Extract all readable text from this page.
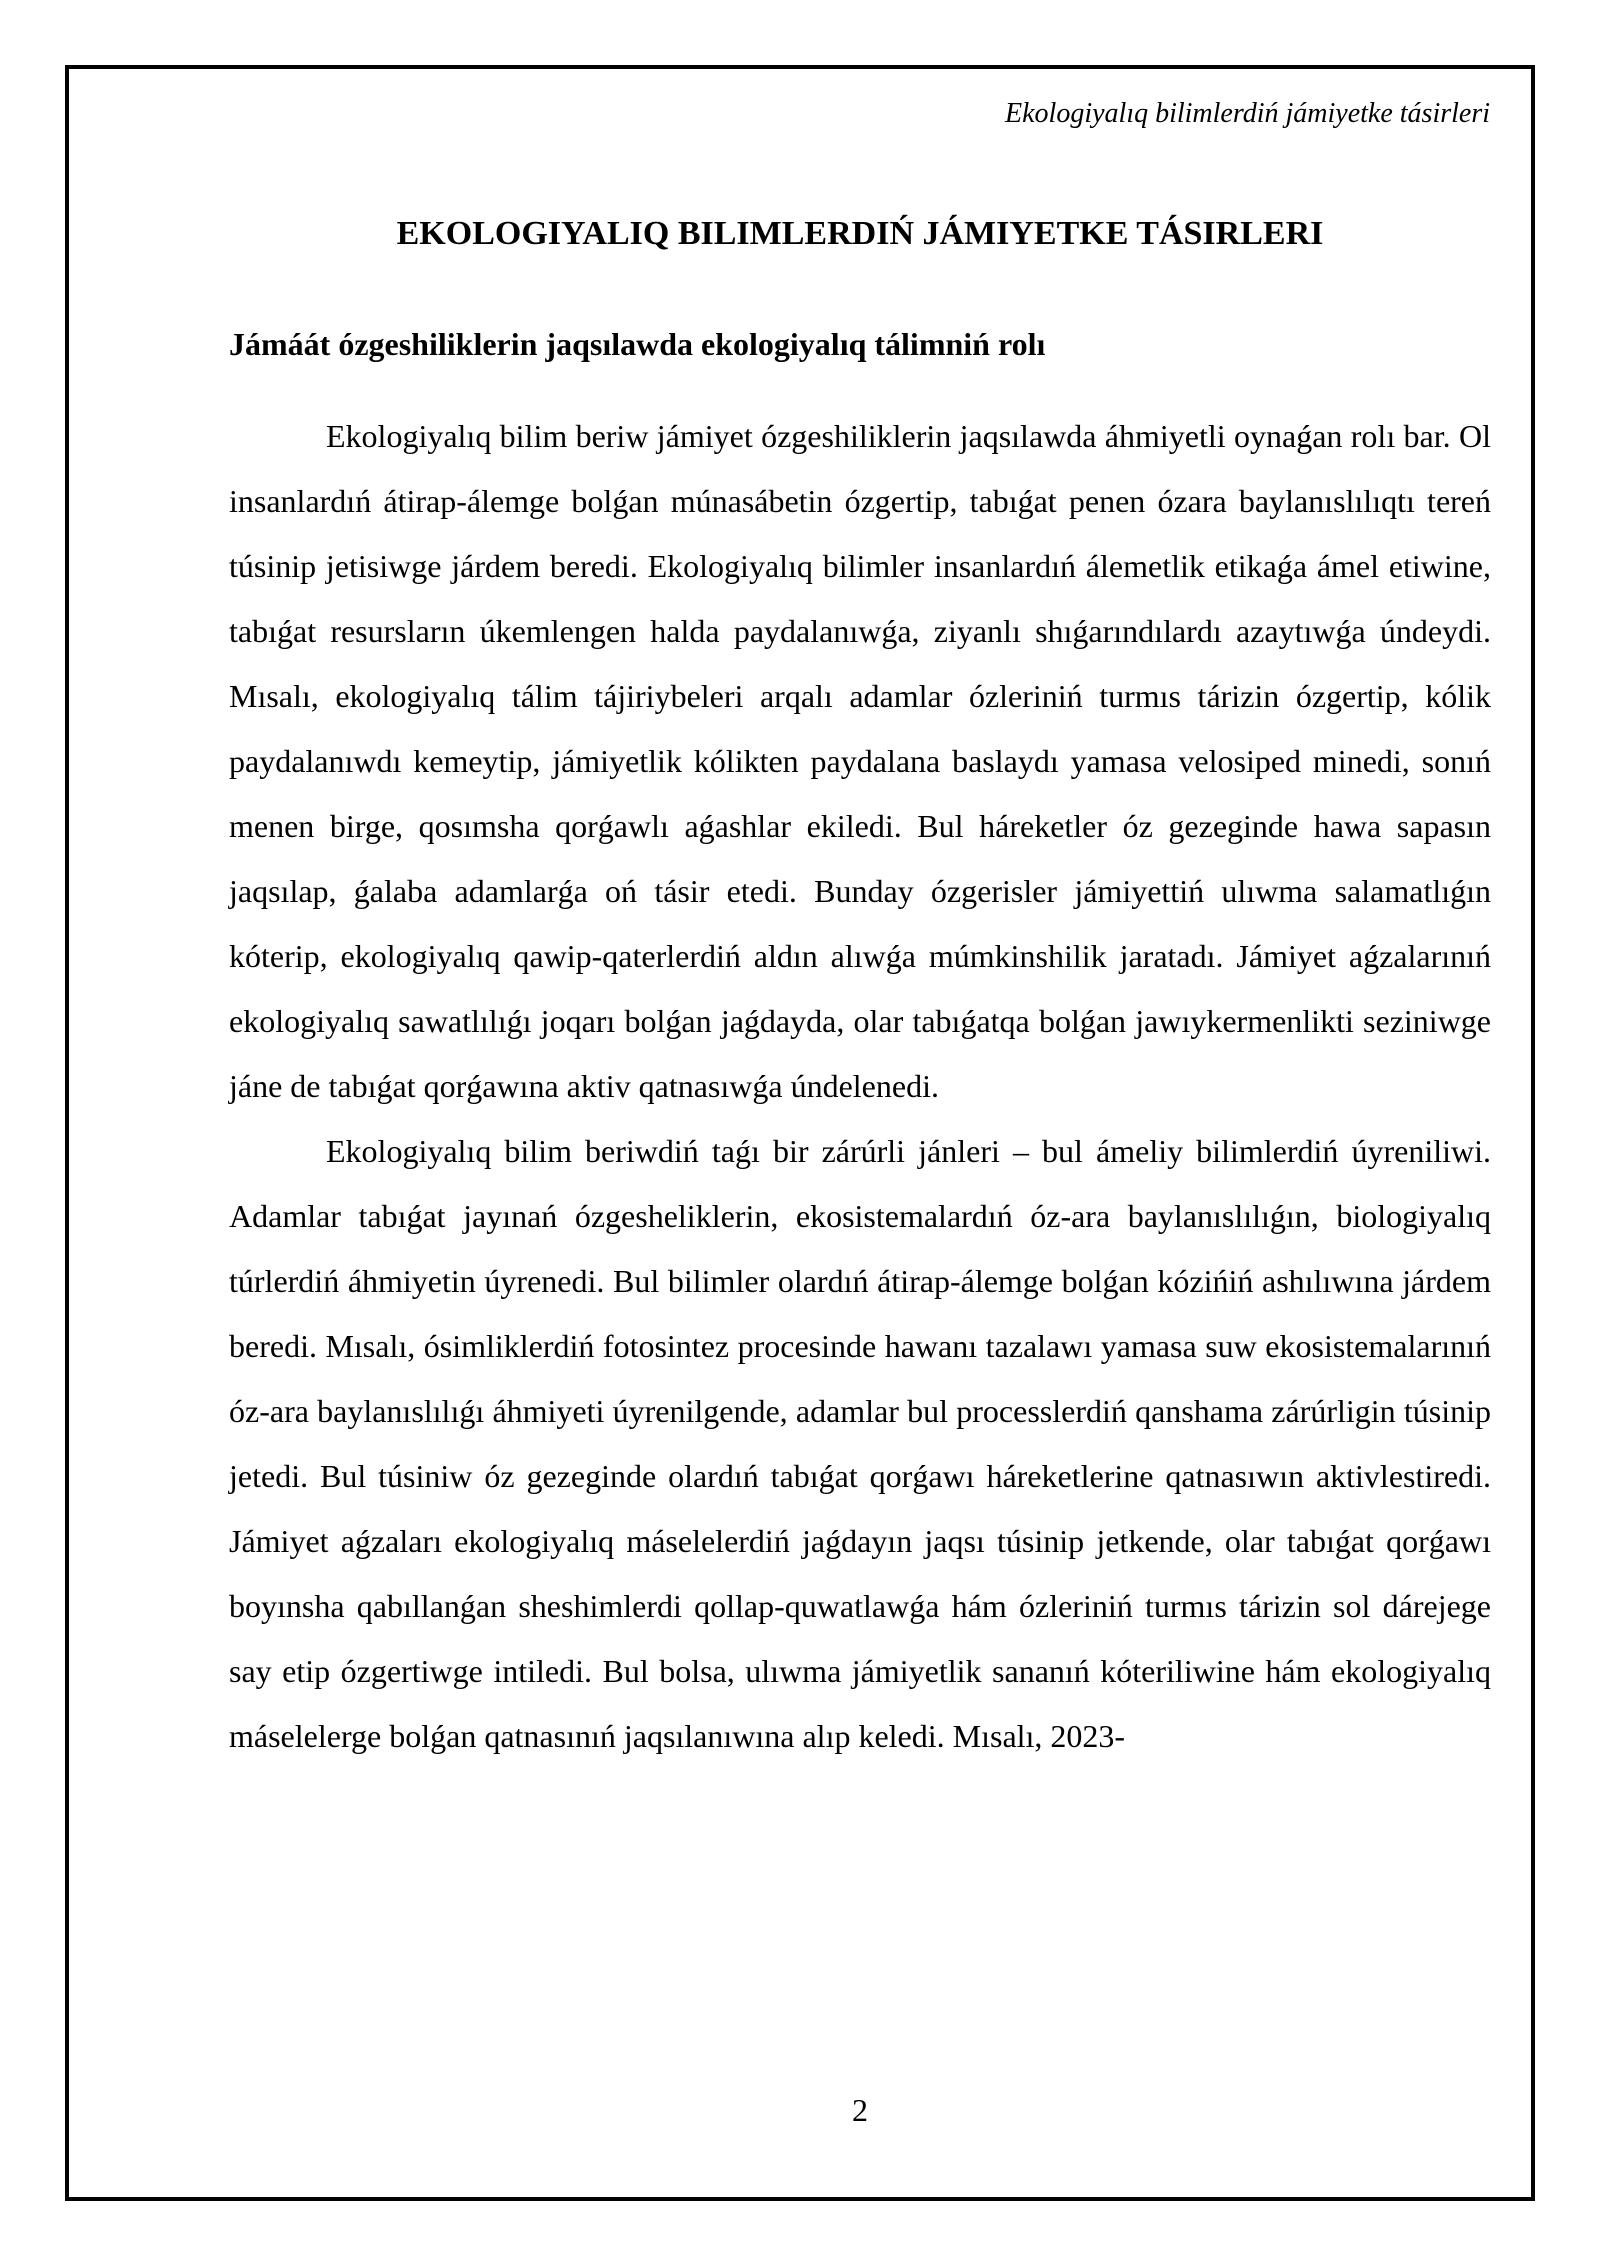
Ekologiyalıq bilimlerdiń jámiyetke tásirleri

EKOLOGIYALIQ BILIMLERDIŃ JÁMIYETKE TÁSIRLERI
Jámáát ózgeshiliklerin jaqsılawda ekologiyalıq tálimniń rolı

Ekologiyalıq bilim beriw jámiyet ózgeshiliklerin jaqsılawda áhmiyetli oynaǵan rolı bar. Ol insanlardıń átirap-álemge bolǵan múnasábetin ózgertip, tabıǵat penen ózara baylanıslılıqtı tereń túsinip jetisiwge járdem beredi. Ekologiyalıq bilimler insanlardıń álemetlik etikaǵa ámel etiwine, tabıǵat resursların úkemlengen halda paydalanıwǵa, ziyanlı shıǵarındılardı azaytıwǵa úndeydi. Mısalı, ekologiyalıq tálim tájiriybeleri arqalı adamlar ózleriniń turmıs tárizin ózgertip, kólik paydalanıwdı kemeytip, jámiyetlik kólikten paydalana baslaydı yamasa velosiped minedi, sonıń menen birge, qosımsha qorǵawlı aǵashlar ekiledi. Bul háreketler óz gezeginde hawa sapasın jaqsılap, ǵalaba adamlarǵa oń tásir etedi. Bunday ózgerisler jámiyettiń ulıwma salamatlıǵın kóterip, ekologiyalıq qawip-qaterlerdiń aldın alıwǵa múmkinshilik jaratadı. Jámiyet aǵzalarınıń ekologiyalıq sawatlılıǵı joqarı bolǵan jaǵdayda, olar tabıǵatqa bolǵan jawıykermenlikti seziniwge jáne de tabıǵat qorǵawına aktiv qatnasıwǵa úndelenedi.

Ekologiyalıq bilim beriwdiń taǵı bir zárúrli jánleri – bul ámeliy bilimlerdiń úyreniliwi. Adamlar tabıǵat jayınań ózgesheliklerin, ekosistemalardıń óz-ara baylanıslılıǵın, biologiyalıq túrlerdiń áhmiyetin úyrenedi. Bul bilimler olardıń átirap-álemge bolǵan kózińiń ashılıwına járdem beredi. Mısalı, ósimliklerdiń fotosintez procesinde hawanı tazalawı yamasa suw ekosistemalarınıń óz-ara baylanıslılıǵı áhmiyeti úyrenilgende, adamlar bul processlerdiń qanshama zárúrligin túsinip jetedi. Bul túsiniw óz gezeginde olardıń tabıǵat qorǵawı háreketlerine qatnasıwın aktivlestiredi. Jámiyet aǵzaları ekologiyalıq máselelerdiń jaǵdayın jaqsı túsinip jetkende, olar tabıǵat qorǵawı boyınsha qabıllanǵan sheshimlerdi qollap-quwatlawǵa hám ózleriniń turmıs tárizin sol dárejege say etip ózgertiwge intiledi. Bul bolsa, ulıwma jámiyetlik sananıń kóteriliwine hám ekologiyalıq máselelerge bolǵan qatnasınıń jaqsılanıwına alıp keledi. Mısalı, 2023-

2
